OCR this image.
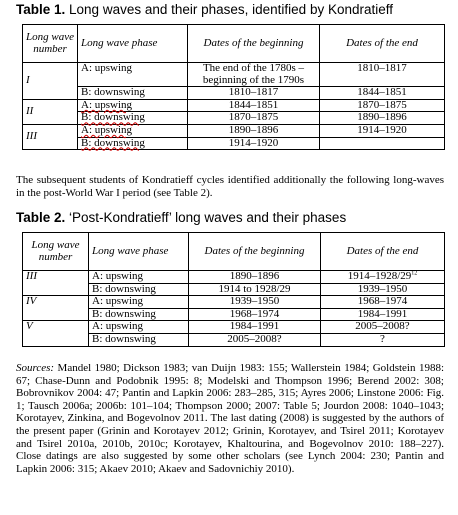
Table 1. Long waves and their phases, identified by Kondratieff
Long wave number	Long wave phase	Dates of the beginning	Dates of the end
I	A: upswing	The end of the 1780s – beginning of the 1790s	1810–1817
	B: downswing	1810–1817	1844–1851
II	A: upswing	1844–1851	1870–1875
	B: downswing	1870–1875	1890–1896
III	A: upswing	1890–1896	1914–1920
	B: downswing	1914–1920	

The subsequent students of Kondratieff cycles identified additionally the following long-waves in the post-World War I period (see Table 2).

Table 2. ‘Post-Kondratieff’ long waves and their phases
Long wave number	Long wave phase	Dates of the beginning	Dates of the end
III	A: upswing	1890–1896	$1914-1928/29^{12}$
	B: downswing	1914 to 1928/29	1939–1950
IV	A: upswing	1939–1950	1968–1974
	B: downswing	1968–1974	1984–1991
V	A: upswing	1984–1991	2005–2008?
	B: downswing	2005–2008?	?

Sources: Mandel 1980; Dickson 1983; van Duijn 1983: 155; Wallerstein 1984; Goldstein 1988: 67; Chase-Dunn and Podobnik 1995: 8; Modelski and Thompson 1996; Berend 2002: 308; Bobrovnikov 2004: 47; Pantin and Lapkin 2006: 283–285, 315; Ayres 2006; Linstone 2006: Fig. 1; Tausch 2006a; 2006b: 101–104; Thompson 2000; 2007: Table 5; Jourdon 2008: 1040–1043; Korotayev, Zinkina, and Bogevolnov 2011. The last dating (2008) is suggested by the authors of the present paper (Grinin and Korotayev 2012; Grinin, Korotayev, and Tsirel 2011; Korotayev and Tsirel 2010a, 2010b, 2010c; Korotayev, Khaltourina, and Bogevolnov 2010: 188–227). Close datings are also suggested by some other scholars (see Lynch 2004: 230; Pantin and Lapkin 2006: 315; Akaev 2010; Akaev and Sadovnichiy 2010).
